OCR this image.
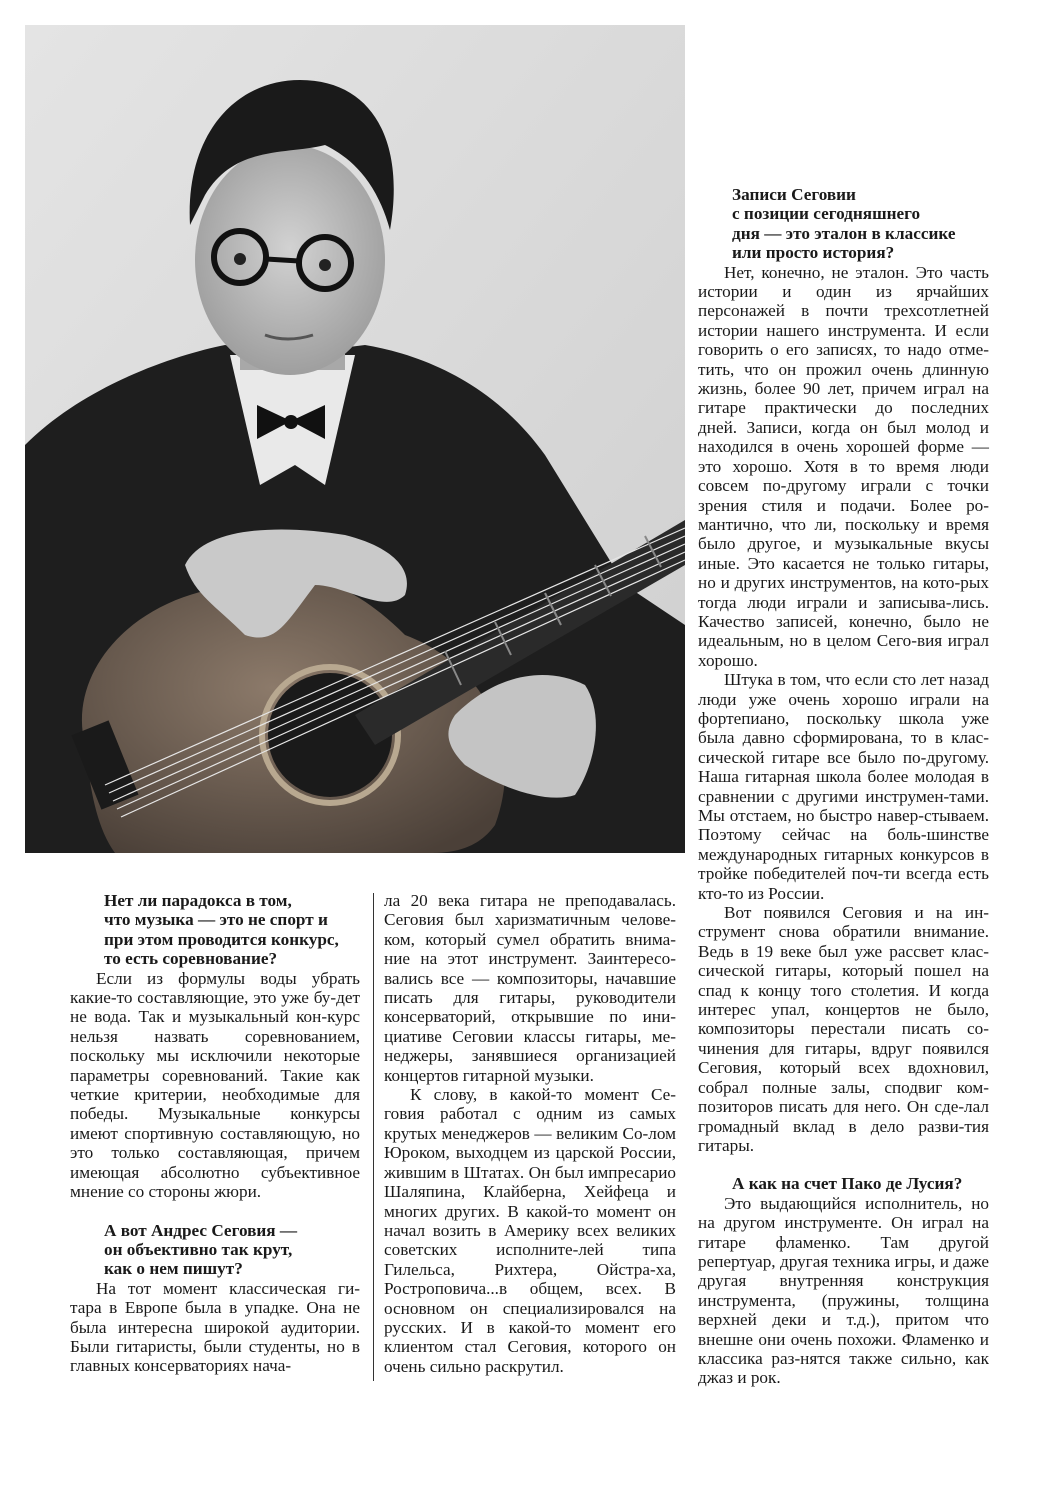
Нет ли парадокса в том,
что музыка — это не спорт и
при этом проводится конкурс,
то есть соревнование?

Если из формулы воды убрать какие-то составляющие, это уже бу-дет не вода. Так и музыкальный кон-курс нельзя назвать соревнованием, поскольку мы исключили некоторые параметры соревнований. Такие как четкие критерии, необходимые для победы. Музыкальные конкурсы имеют спортивную составляющую, но это только составляющая, причем имеющая абсолютно субъективное мнение со стороны жюри.

А вот Андрес Сеговия —
он объективно так крут,
как о нем пишут?

На тот момент классическая ги-тара в Европе была в упадке. Она не была интересна широкой аудитории. Были гитаристы, были студенты, но в главных консерваториях нача-

ла 20 века гитара не преподавалась. Сеговия был харизматичным челове-ком, который сумел обратить внима-ние на этот инструмент. Заинтересо-вались все — композиторы, начавшие писать для гитары, руководители консерваторий, открывшие по ини-циативе Сеговии классы гитары, ме-неджеры, занявшиеся организацией концертов гитарной музыки.

К слову, в какой-то момент Се-говия работал с одним из самых крутых менеджеров — великим Со-лом Юроком, выходцем из царской России, жившим в Штатах. Он был импресарио Шаляпина, Клайберна, Хейфеца и многих других. В какой-то момент он начал возить в Америку всех великих советских исполните-лей типа Гилельса, Рихтера, Ойстра-ха, Ростроповича...в общем, всех. В основном он специализировался на русских. И в какой-то момент его клиентом стал Сеговия, которого он очень сильно раскрутил.

Записи Сеговии
с позиции сегодняшнего
дня — это эталон в классике
или просто история?

Нет, конечно, не эталон. Это часть истории и один из ярчайших персонажей в почти трехсотлетней истории нашего инструмента. И если говорить о его записях, то надо отме-тить, что он прожил очень длинную жизнь, более 90 лет, причем играл на гитаре практически до последних дней. Записи, когда он был молод и находился в очень хорошей форме — это хорошо. Хотя в то время люди совсем по-другому играли с точки зрения стиля и подачи. Более ро-мантично, что ли, поскольку и время было другое, и музыкальные вкусы иные. Это касается не только гитары, но и других инструментов, на кото-рых тогда люди играли и записыва-лись. Качество записей, конечно, было не идеальным, но в целом Сего-вия играл хорошо.

Штука в том, что если сто лет назад люди уже очень хорошо играли на фортепиано, поскольку школа уже была давно сформирована, то в клас-сической гитаре все было по-другому. Наша гитарная школа более молодая в сравнении с другими инструмен-тами. Мы отстаем, но быстро навер-стываем. Поэтому сейчас на боль-шинстве международных гитарных конкурсов в тройке победителей поч-ти всегда есть кто-то из России.

Вот появился Сеговия и на ин-струмент снова обратили внимание. Ведь в 19 веке был уже рассвет клас-сической гитары, который пошел на спад к концу того столетия. И когда интерес упал, концертов не было, композиторы перестали писать со-чинения для гитары, вдруг появился Сеговия, который всех вдохновил, собрал полные залы, сподвиг ком-позиторов писать для него. Он сде-лал громадный вклад в дело разви-тия гитары.

А как на счет Пако де Лусия?

Это выдающийся исполнитель, но на другом инструменте. Он играл на гитаре фламенко. Там другой репертуар, другая техника игры, и даже другая внутренняя конструкция инструмента, (пружины, толщина верхней деки и т.д.), притом что внешне они очень похожи. Фламенко и классика раз-нятся также сильно, как джаз и рок.
